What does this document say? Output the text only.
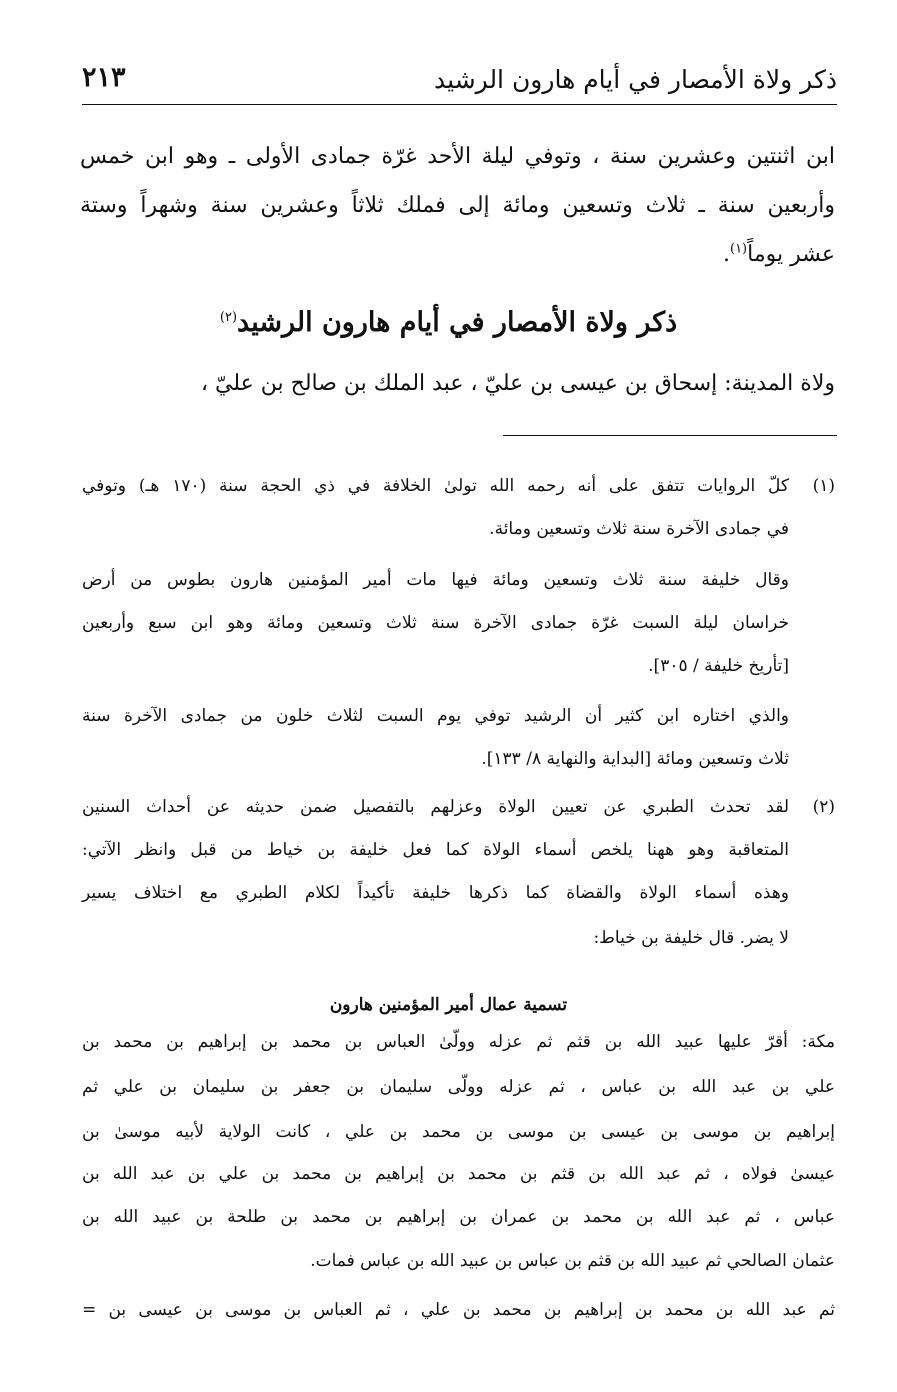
ذكر ولاة الأمصار في أيام هارون الرشيد
٢١٣
ابن اثنتين وعشرين سنة ، وتوفي ليلة الأحد غرّة جمادى الأولى ـ وهو ابن خمس
وأربعين سنة ـ ثلاث وتسعين ومائة إلى فملك ثلاثاً وعشرين سنة وشهراً وستة
عشر يوماً$^{(١)}$.
ذكر ولاة الأمصار في أيام هارون الرشيد$^{(٢)}$
ولاة المدينة: إسحاق بن عيسى بن عليّ ، عبد الملك بن صالح بن عليّ ،
(١)
كلّ الروايات تتفق على أنه رحمه الله تولىٰ الخلافة في ذي الحجة سنة (١٧٠ هـ) وتوفي
في جمادى الآخرة سنة ثلاث وتسعين ومائة.
وقال خليفة سنة ثلاث وتسعين ومائة فيها مات أمير المؤمنين هارون بطوس من أرض
خراسان ليلة السبت غرّة جمادى الآخرة سنة ثلاث وتسعين ومائة وهو ابن سبع وأربعين
[تأريخ خليفة / ٣٠٥].
والذي اختاره ابن كثير أن الرشيد توفي يوم السبت لثلاث خلون من جمادى الآخرة سنة
ثلاث وتسعين ومائة [البداية والنهاية ٨/ ١٣٣].
(٢)
لقد تحدث الطبري عن تعيين الولاة وعزلهم بالتفصيل ضمن حديثه عن أحداث السنين
المتعاقبة وهو ههنا يلخص أسماء الولاة كما فعل خليفة بن خياط من قبل وانظر الآتي:
وهذه أسماء الولاة والقضاة كما ذكرها خليفة تأكيداً لكلام الطبري مع اختلاف يسير
لا يضر. قال خليفة بن خياط:
تسمية عمال أمير المؤمنين هارون
مكة: أقرّ عليها عبيد الله بن قثم ثم عزله وولّىٰ العباس بن محمد بن إبراهيم بن محمد بن
علي بن عبد الله بن عباس ، ثم عزله وولّى سليمان بن جعفر بن سليمان بن علي ثم
إبراهيم بن موسى بن عيسى بن موسى بن محمد بن علي ، كانت الولاية لأبيه موسىٰ بن
عيسىٰ فولاه ، ثم عبد الله بن قثم بن محمد بن إبراهيم بن محمد بن علي بن عبد الله بن
عباس ، ثم عبد الله بن محمد بن عمران بن إبراهيم بن محمد بن طلحة بن عبيد الله بن
عثمان الصالحي ثم عبيد الله بن قثم بن عباس بن عبيد الله بن عباس فمات.
ثم عبد الله بن محمد بن إبراهيم بن محمد بن علي ، ثم العباس بن موسى بن عيسى بن =
